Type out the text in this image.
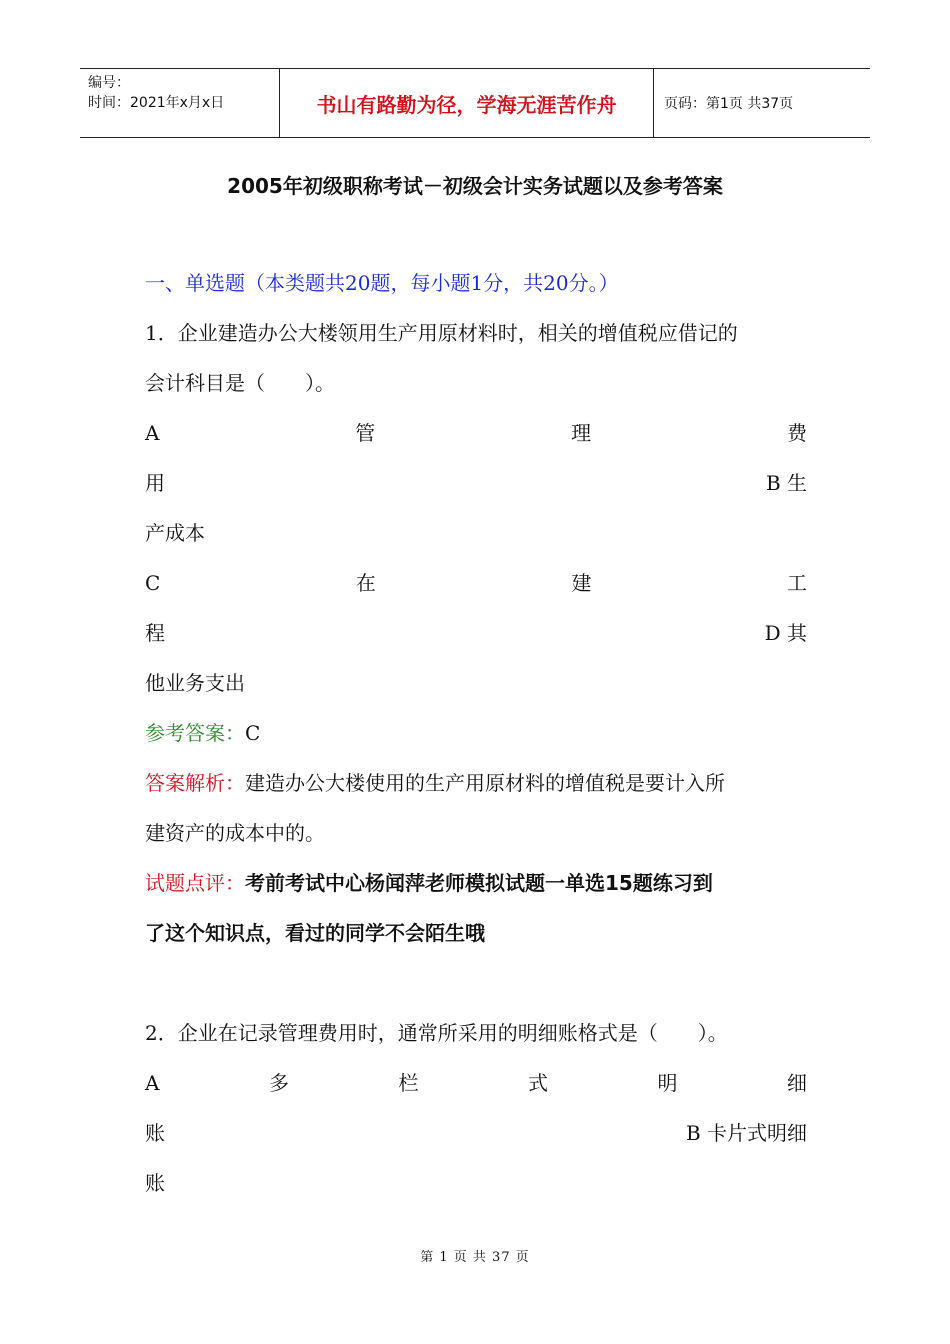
编号：
时间：2021年x月x日	书山有路勤为径，学海无涯苦作舟	页码：第1页 共37页
2005年初级职称考试－初级会计实务试题以及参考答案
一、单选题（本类题共20题，每小题1分，共20分。）
1．企业建造办公大楼领用生产用原材料时，相关的增值税应借记的
会计科目是（　　）。
A	管	理	费
用	B 生
产成本
C	在	建	工
程	D 其
他业务支出
参考答案：C
答案解析：建造办公大楼使用的生产用原材料的增值税是要计入所
建资产的成本中的。
试题点评：考前考试中心杨闻萍老师模拟试题一单选15题练习到
了这个知识点，看过的同学不会陌生哦
2．企业在记录管理费用时，通常所采用的明细账格式是（　　）。
A	多	栏	式	明	细
账	B 卡片式明细
账
第 1 页 共 37 页
